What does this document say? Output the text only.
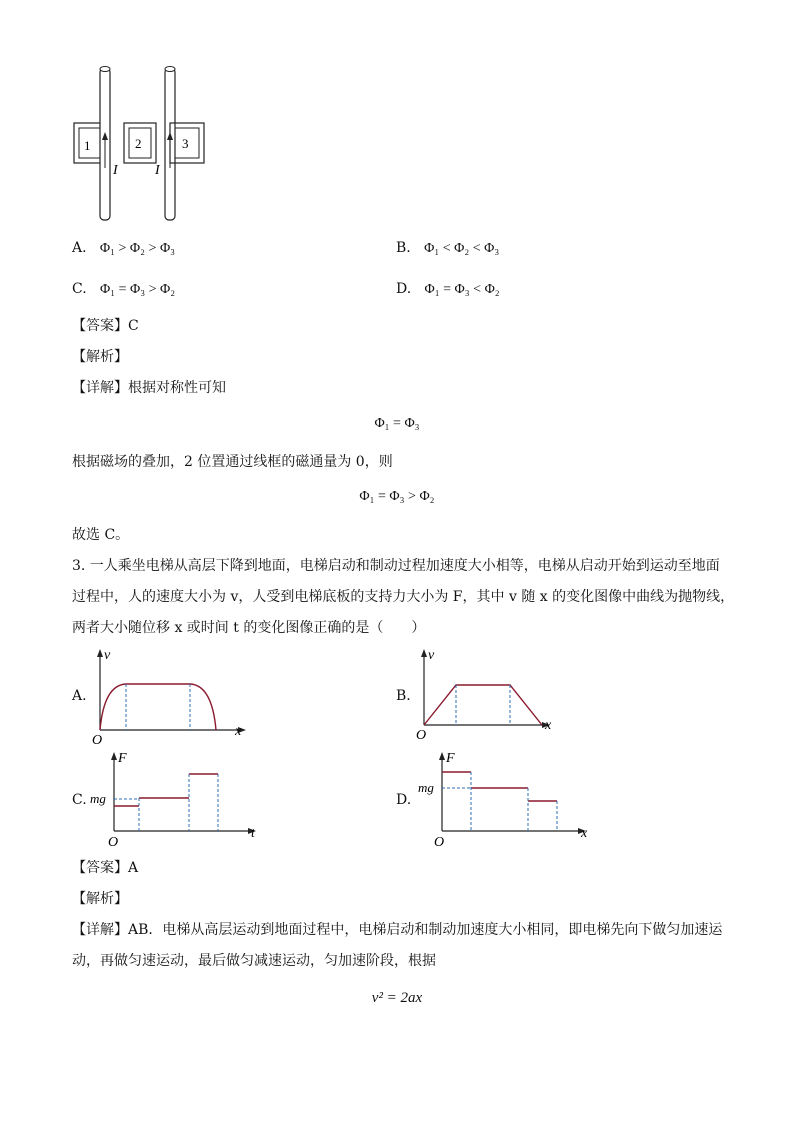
1	2	3
I	I
A. Φ₁ > Φ₂ > Φ₃	B. Φ₁ < Φ₂ < Φ₃
C. Φ₁ = Φ₃ > Φ₂	D. Φ₁ = Φ₃ < Φ₂
【答案】C
【解析】
【详解】根据对称性可知
Φ₁ = Φ₃
根据磁场的叠加，2 位置通过线框的磁通量为 0，则
Φ₁ = Φ₃ > Φ₂
故选 C。
3. 一人乘坐电梯从高层下降到地面，电梯启动和制动过程加速度大小相等，电梯从启动开始到运动至地面
过程中，人的速度大小为 v，人受到电梯底板的支持力大小为 F，其中 v 随 x 的变化图像中曲线为抛物线，
两者大小随位移 x 或时间 t 的变化图像正确的是（　　）
A.
v
x
O
B.
v
x
O
C.
F
t
O
mg	D.
F
x
O
mg
【答案】A
【解析】
【详解】AB．电梯从高层运动到地面过程中，电梯启动和制动加速度大小相同，即电梯先向下做匀加速运
动，再做匀速运动，最后做匀减速运动，匀加速阶段，根据
v² = 2ax
